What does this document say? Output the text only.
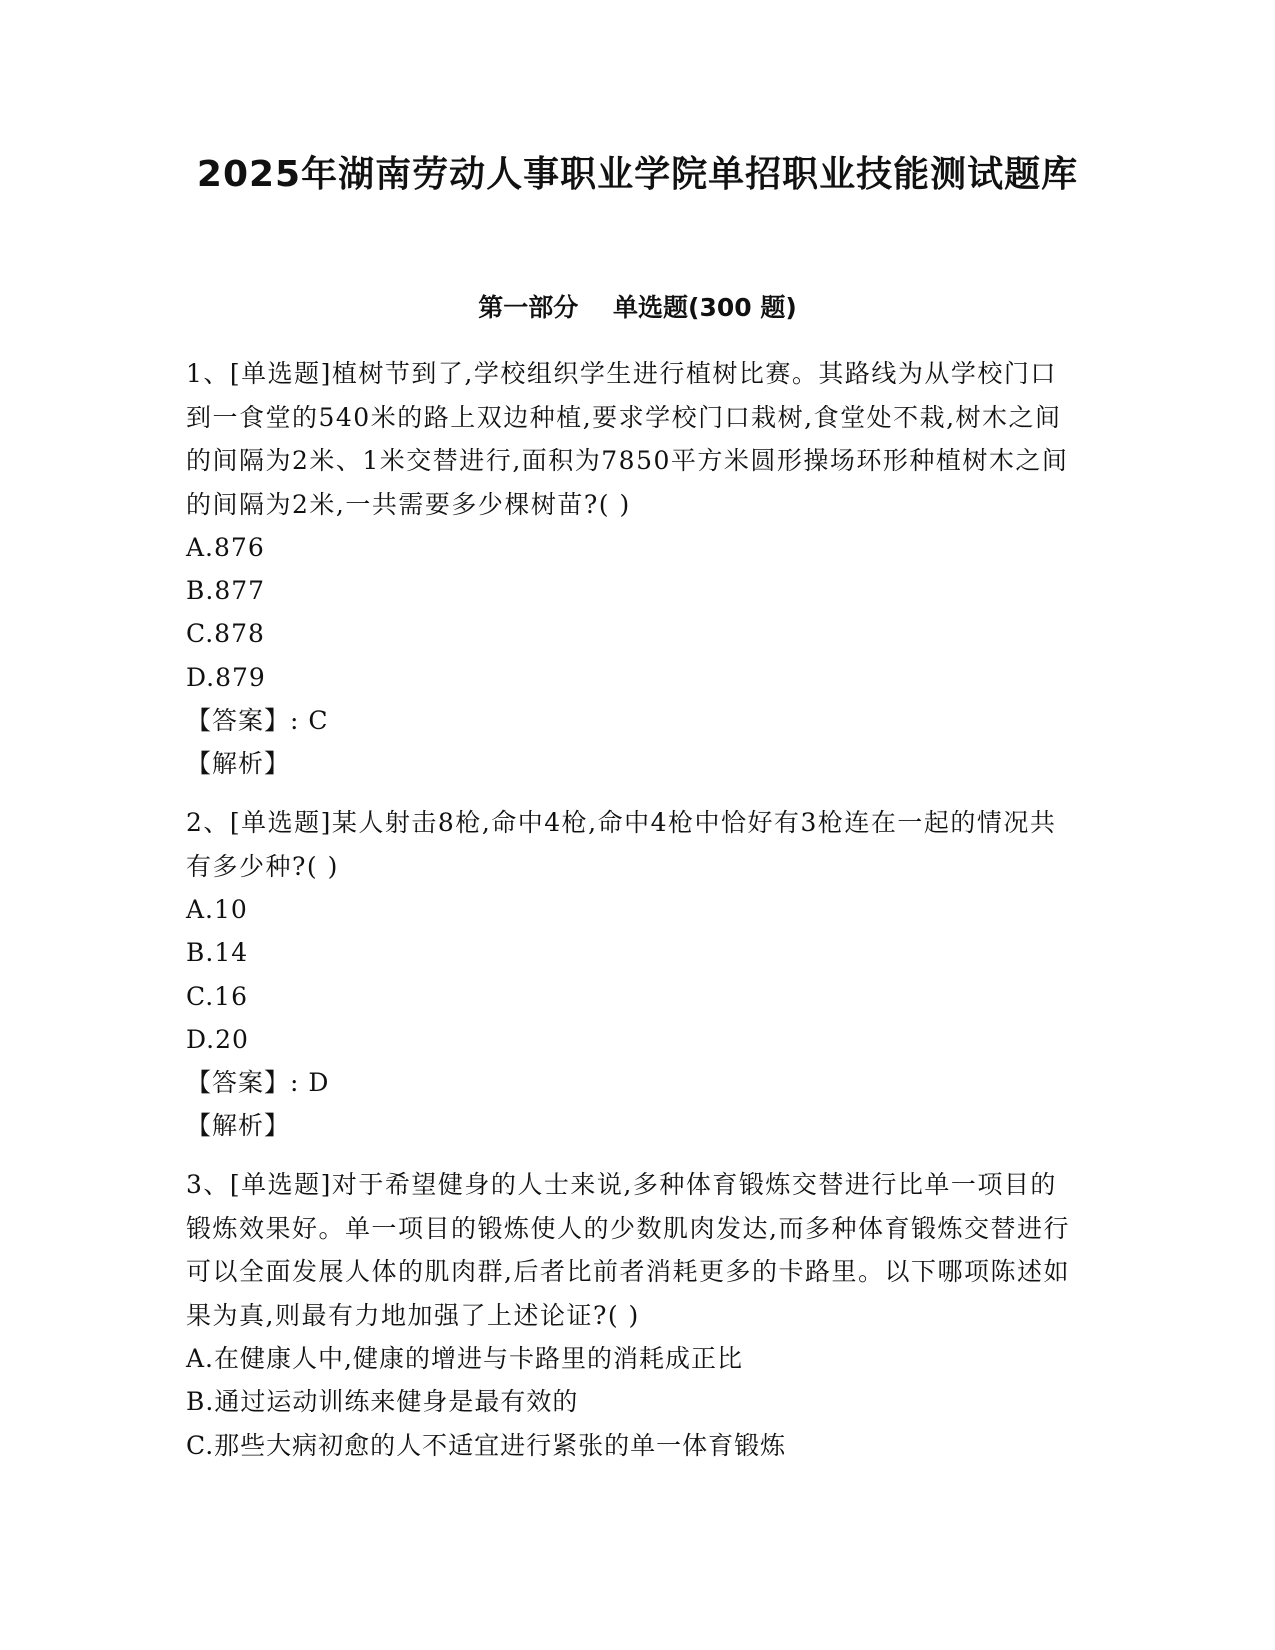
2025年湖南劳动人事职业学院单招职业技能测试题库
第一部分    单选题(300 题)
1、[单选题]植树节到了,学校组织学生进行植树比赛。其路线为从学校门口到一食堂的540米的路上双边种植,要求学校门口栽树,食堂处不栽,树木之间的间隔为2米、1米交替进行,面积为7850平方米圆形操场环形种植树木之间的间隔为2米,一共需要多少棵树苗?( )
A.876
B.877
C.878
D.879
【答案】: C
【解析】
2、[单选题]某人射击8枪,命中4枪,命中4枪中恰好有3枪连在一起的情况共有多少种?( )
A.10
B.14
C.16
D.20
【答案】: D
【解析】
3、[单选题]对于希望健身的人士来说,多种体育锻炼交替进行比单一项目的锻炼效果好。单一项目的锻炼使人的少数肌肉发达,而多种体育锻炼交替进行可以全面发展人体的肌肉群,后者比前者消耗更多的卡路里。以下哪项陈述如果为真,则最有力地加强了上述论证?( )
A.在健康人中,健康的增进与卡路里的消耗成正比
B.通过运动训练来健身是最有效的
C.那些大病初愈的人不适宜进行紧张的单一体育锻炼
